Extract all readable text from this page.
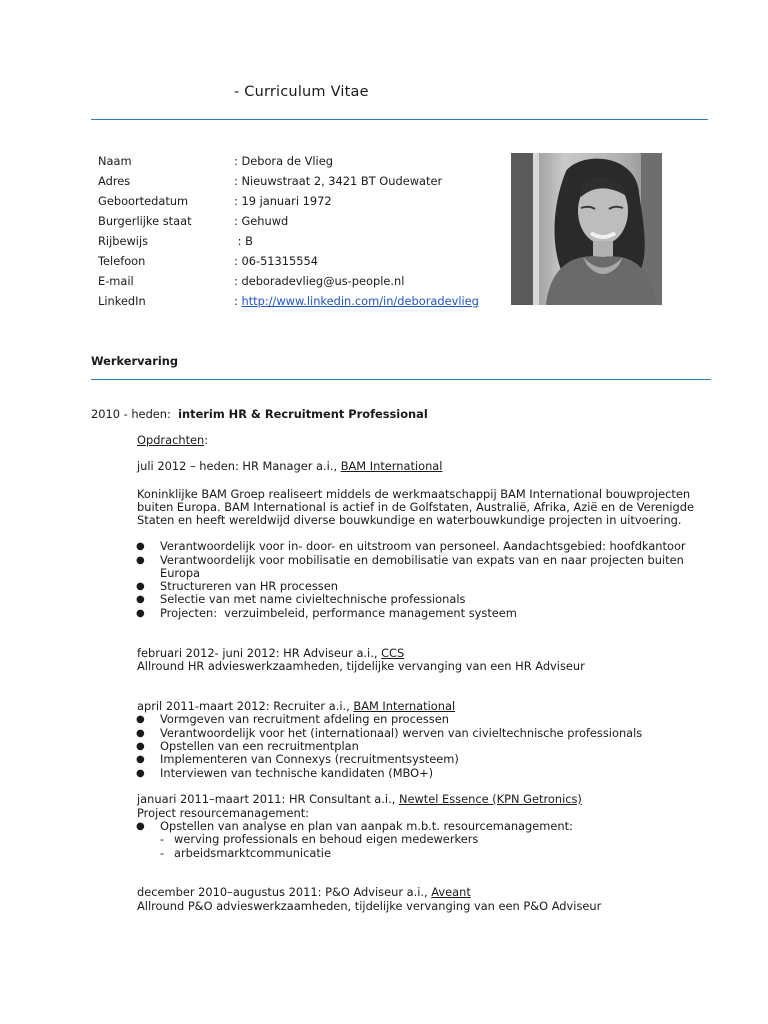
- Curriculum Vitae
Naam	: Debora de Vlieg
Adres	: Nieuwstraat 2, 3421 BT Oudewater
Geboortedatum	: 19 januari 1972
Burgerlijke staat	: Gehuwd
Rijbewijs	: B
Telefoon	: 06-51315554
E-mail	: deboradevlieg@us-people.nl
LinkedIn	: http://www.linkedin.com/in/deboradevlieg
Werkervaring
2010 - heden: interim HR & Recruitment Professional
Opdrachten:
juli 2012 – heden: HR Manager a.i., BAM International
Koninklijke BAM Groep realiseert middels de werkmaatschappij BAM International bouwprojecten
buiten Europa. BAM International is actief in de Golfstaten, Australië, Afrika, Azië en de Verenigde
Staten en heeft wereldwijd diverse bouwkundige en waterbouwkundige projecten in uitvoering.
● Verantwoordelijk voor in- door- en uitstroom van personeel. Aandachtsgebied: hoofdkantoor
● Verantwoordelijk voor mobilisatie en demobilisatie van expats van en naar projecten buiten
Europa
● Structureren van HR processen
● Selectie van met name civieltechnische professionals
● Projecten:  verzuimbeleid, performance management systeem
februari 2012- juni 2012: HR Adviseur a.i., CCS
Allround HR advieswerkzaamheden, tijdelijke vervanging van een HR Adviseur
april 2011-maart 2012: Recruiter a.i., BAM International
● Vormgeven van recruitment afdeling en processen
● Verantwoordelijk voor het (internationaal) werven van civieltechnische professionals
● Opstellen van een recruitmentplan
● Implementeren van Connexys (recruitmentsysteem)
● Interviewen van technische kandidaten (MBO+)
januari 2011–maart 2011: HR Consultant a.i., Newtel Essence (KPN Getronics)
Project resourcemanagement:
● Opstellen van analyse en plan van aanpak m.b.t. resourcemanagement:
- werving professionals en behoud eigen medewerkers
- arbeidsmarktcommunicatie
december 2010–augustus 2011: P&O Adviseur a.i., Aveant
Allround P&O advieswerkzaamheden, tijdelijke vervanging van een P&O Adviseur
